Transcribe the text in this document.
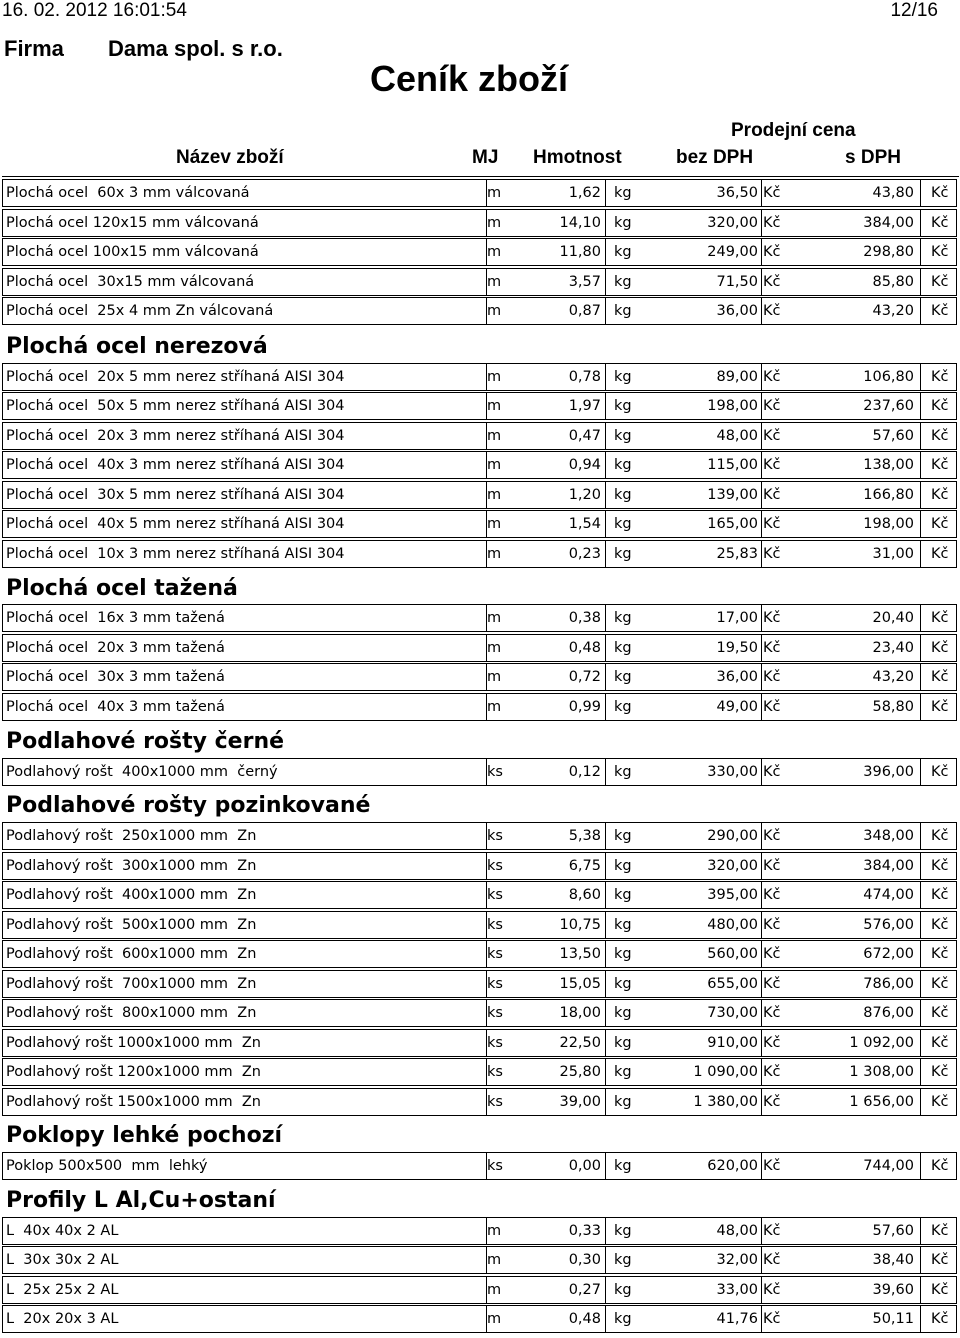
16. 02. 2012 16:01:54	12/16
Firma Dama spol. s r.o.
Ceník zboží
Prodejní cena
Název zboží	MJ Hmotnost	bez DPH	s DPH
Plochá ocel  60x 3 mm válcovaná	m	1,62 kg	36,50 Kč	43,80 Kč
Plochá ocel 120x15 mm válcovaná	m	14,10 kg	320,00 Kč	384,00 Kč
Plochá ocel 100x15 mm válcovaná	m	11,80 kg	249,00 Kč	298,80 Kč
Plochá ocel  30x15 mm válcovaná	m	3,57 kg	71,50 Kč	85,80 Kč
Plochá ocel  25x 4 mm Zn válcovaná	m	0,87 kg	36,00 Kč	43,20 Kč
Plochá ocel  20x 5 mm nerez stříhaná AISI 304	m	0,78 kg	89,00 Kč	106,80 Kč
Plochá ocel  50x 5 mm nerez stříhaná AISI 304	m	1,97 kg	198,00 Kč	237,60 Kč
Plochá ocel  20x 3 mm nerez stříhaná AISI 304	m	0,47 kg	48,00 Kč	57,60 Kč
Plochá ocel  40x 3 mm nerez stříhaná AISI 304	m	0,94 kg	115,00 Kč	138,00 Kč
Plochá ocel  30x 5 mm nerez stříhaná AISI 304	m	1,20 kg	139,00 Kč	166,80 Kč
Plochá ocel  40x 5 mm nerez stříhaná AISI 304	m	1,54 kg	165,00 Kč	198,00 Kč
Plochá ocel  10x 3 mm nerez stříhaná AISI 304	m	0,23 kg	25,83 Kč	31,00 Kč
Plochá ocel  16x 3 mm tažená	m	0,38 kg	17,00 Kč	20,40 Kč
Plochá ocel  20x 3 mm tažená	m	0,48 kg	19,50 Kč	23,40 Kč
Plochá ocel  30x 3 mm tažená	m	0,72 kg	36,00 Kč	43,20 Kč
Plochá ocel  40x 3 mm tažená	m	0,99 kg	49,00 Kč	58,80 Kč
Podlahový rošt  400x1000 mm  černý	ks	0,12 kg	330,00 Kč	396,00 Kč
Podlahový rošt  250x1000 mm  Zn	ks	5,38 kg	290,00 Kč	348,00 Kč
Podlahový rošt  300x1000 mm  Zn	ks	6,75 kg	320,00 Kč	384,00 Kč
Podlahový rošt  400x1000 mm  Zn	ks	8,60 kg	395,00 Kč	474,00 Kč
Podlahový rošt  500x1000 mm  Zn	ks	10,75 kg	480,00 Kč	576,00 Kč
Podlahový rošt  600x1000 mm  Zn	ks	13,50 kg	560,00 Kč	672,00 Kč
Podlahový rošt  700x1000 mm  Zn	ks	15,05 kg	655,00 Kč	786,00 Kč
Podlahový rošt  800x1000 mm  Zn	ks	18,00 kg	730,00 Kč	876,00 Kč
Podlahový rošt 1000x1000 mm  Zn	ks	22,50 kg	910,00 Kč	1 092,00 Kč
Podlahový rošt 1200x1000 mm  Zn	ks	25,80 kg	1 090,00 Kč	1 308,00 Kč
Podlahový rošt 1500x1000 mm  Zn	ks	39,00 kg	1 380,00 Kč	1 656,00 Kč
Poklop 500x500  mm  lehký	ks	0,00 kg	620,00 Kč	744,00 Kč
L  40x 40x 2 AL	m	0,33 kg	48,00 Kč	57,60 Kč
L  30x 30x 2 AL	m	0,30 kg	32,00 Kč	38,40 Kč
L  25x 25x 2 AL	m	0,27 kg	33,00 Kč	39,60 Kč
L  20x 20x 3 AL	m	0,48 kg	41,76 Kč	50,11 Kč
Plochá ocel nerezová
Plochá ocel tažená
Podlahové rošty černé
Podlahové rošty pozinkované
Poklopy lehké pochozí
Profily L Al,Cu+ostaní
